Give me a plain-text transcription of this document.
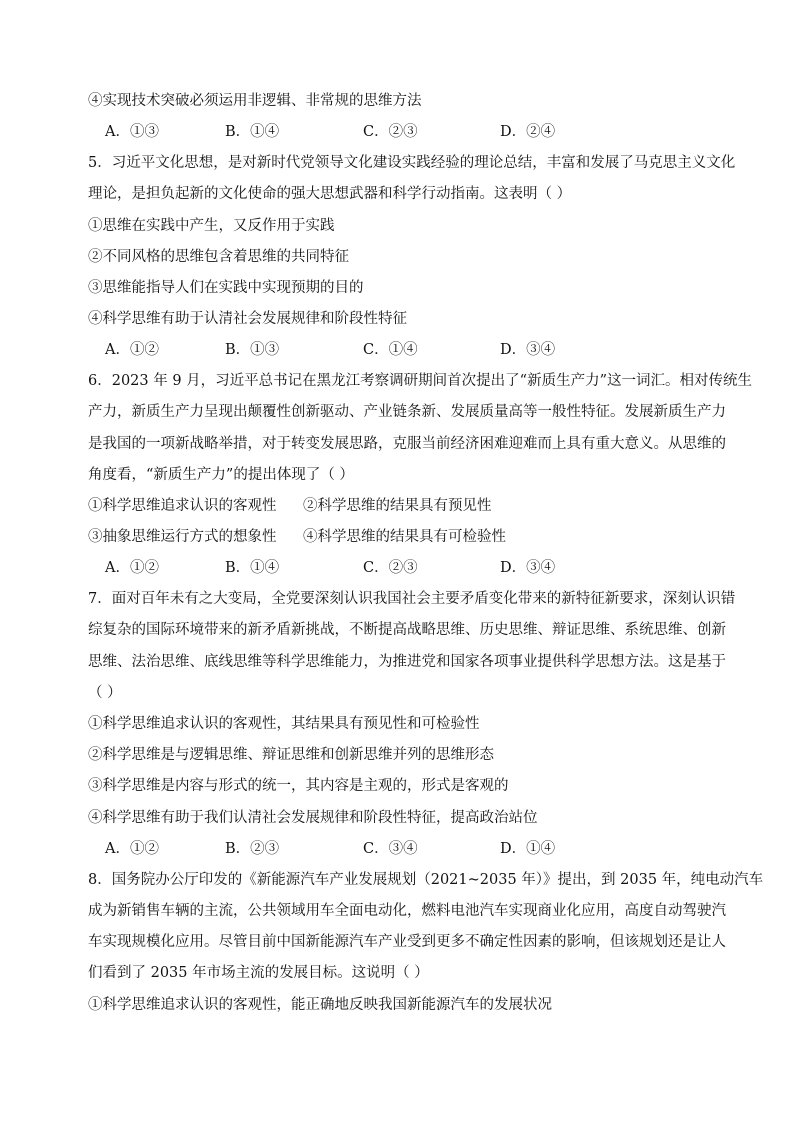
④实现技术突破必须运用非逻辑、非常规的思维方法
A．①③	B．①④	C．②③	D．②④
5．习近平文化思想，是对新时代党领导文化建设实践经验的理论总结，丰富和发展了马克思主义文化
理论，是担负起新的文化使命的强大思想武器和科学行动指南。这表明（ ）
①思维在实践中产生，又反作用于实践
②不同风格的思维包含着思维的共同特征
③思维能指导人们在实践中实现预期的目的
④科学思维有助于认清社会发展规律和阶段性特征
A．①②	B．①③	C．①④	D．③④
6．2023 年 9 月，习近平总书记在黑龙江考察调研期间首次提出了“新质生产力”这一词汇。相对传统生
产力，新质生产力呈现出颠覆性创新驱动、产业链条新、发展质量高等一般性特征。发展新质生产力
是我国的一项新战略举措，对于转变发展思路，克服当前经济困难迎难而上具有重大意义。从思维的
角度看，“新质生产力”的提出体现了（ ）
①科学思维追求认识的客观性 ②科学思维的结果具有预见性
③抽象思维运行方式的想象性 ④科学思维的结果具有可检验性
A．①②	B．①④	C．②③	D．③④
7．面对百年未有之大变局，全党要深刻认识我国社会主要矛盾变化带来的新特征新要求，深刻认识错
综复杂的国际环境带来的新矛盾新挑战，不断提高战略思维、历史思维、辩证思维、系统思维、创新
思维、法治思维、底线思维等科学思维能力，为推进党和国家各项事业提供科学思想方法。这是基于
（ ）
①科学思维追求认识的客观性，其结果具有预见性和可检验性
②科学思维是与逻辑思维、辩证思维和创新思维并列的思维形态
③科学思维是内容与形式的统一，其内容是主观的，形式是客观的
④科学思维有助于我们认清社会发展规律和阶段性特征，提高政治站位
A．①②	B．②③	C．③④	D．①④
8．国务院办公厅印发的《新能源汽车产业发展规划（2021~2035 年）》提出，到 2035 年，纯电动汽车
成为新销售车辆的主流，公共领域用车全面电动化，燃料电池汽车实现商业化应用，高度自动驾驶汽
车实现规模化应用。尽管目前中国新能源汽车产业受到更多不确定性因素的影响，但该规划还是让人
们看到了 2035 年市场主流的发展目标。这说明（ ）
①科学思维追求认识的客观性，能正确地反映我国新能源汽车的发展状况
